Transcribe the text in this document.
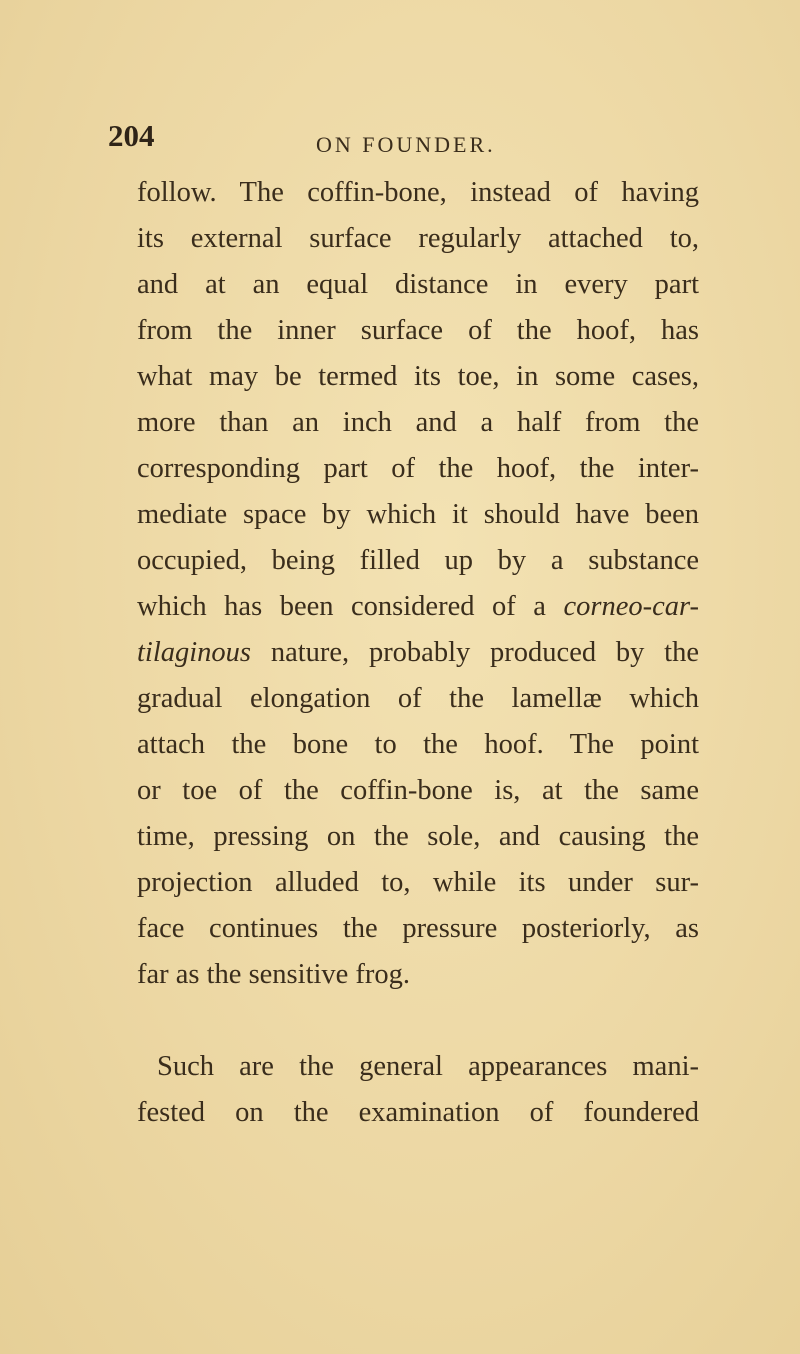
204	ON FOUNDER.
follow. The coffin-bone, instead of having
its external surface regularly attached to,
and at an equal distance in every part
from the inner surface of the hoof, has
what may be termed its toe, in some cases,
more than an inch and a half from the
corresponding part of the hoof, the inter-
mediate space by which it should have been
occupied, being filled up by a substance
which has been considered of a corneo-car-
tilaginous nature, probably produced by the
gradual elongation of the lamellæ which
attach the bone to the hoof. The point
or toe of the coffin-bone is, at the same
time, pressing on the sole, and causing the
projection alluded to, while its under sur-
face continues the pressure posteriorly, as
far as the sensitive frog.
Such are the general appearances mani-
fested on the examination of foundered
